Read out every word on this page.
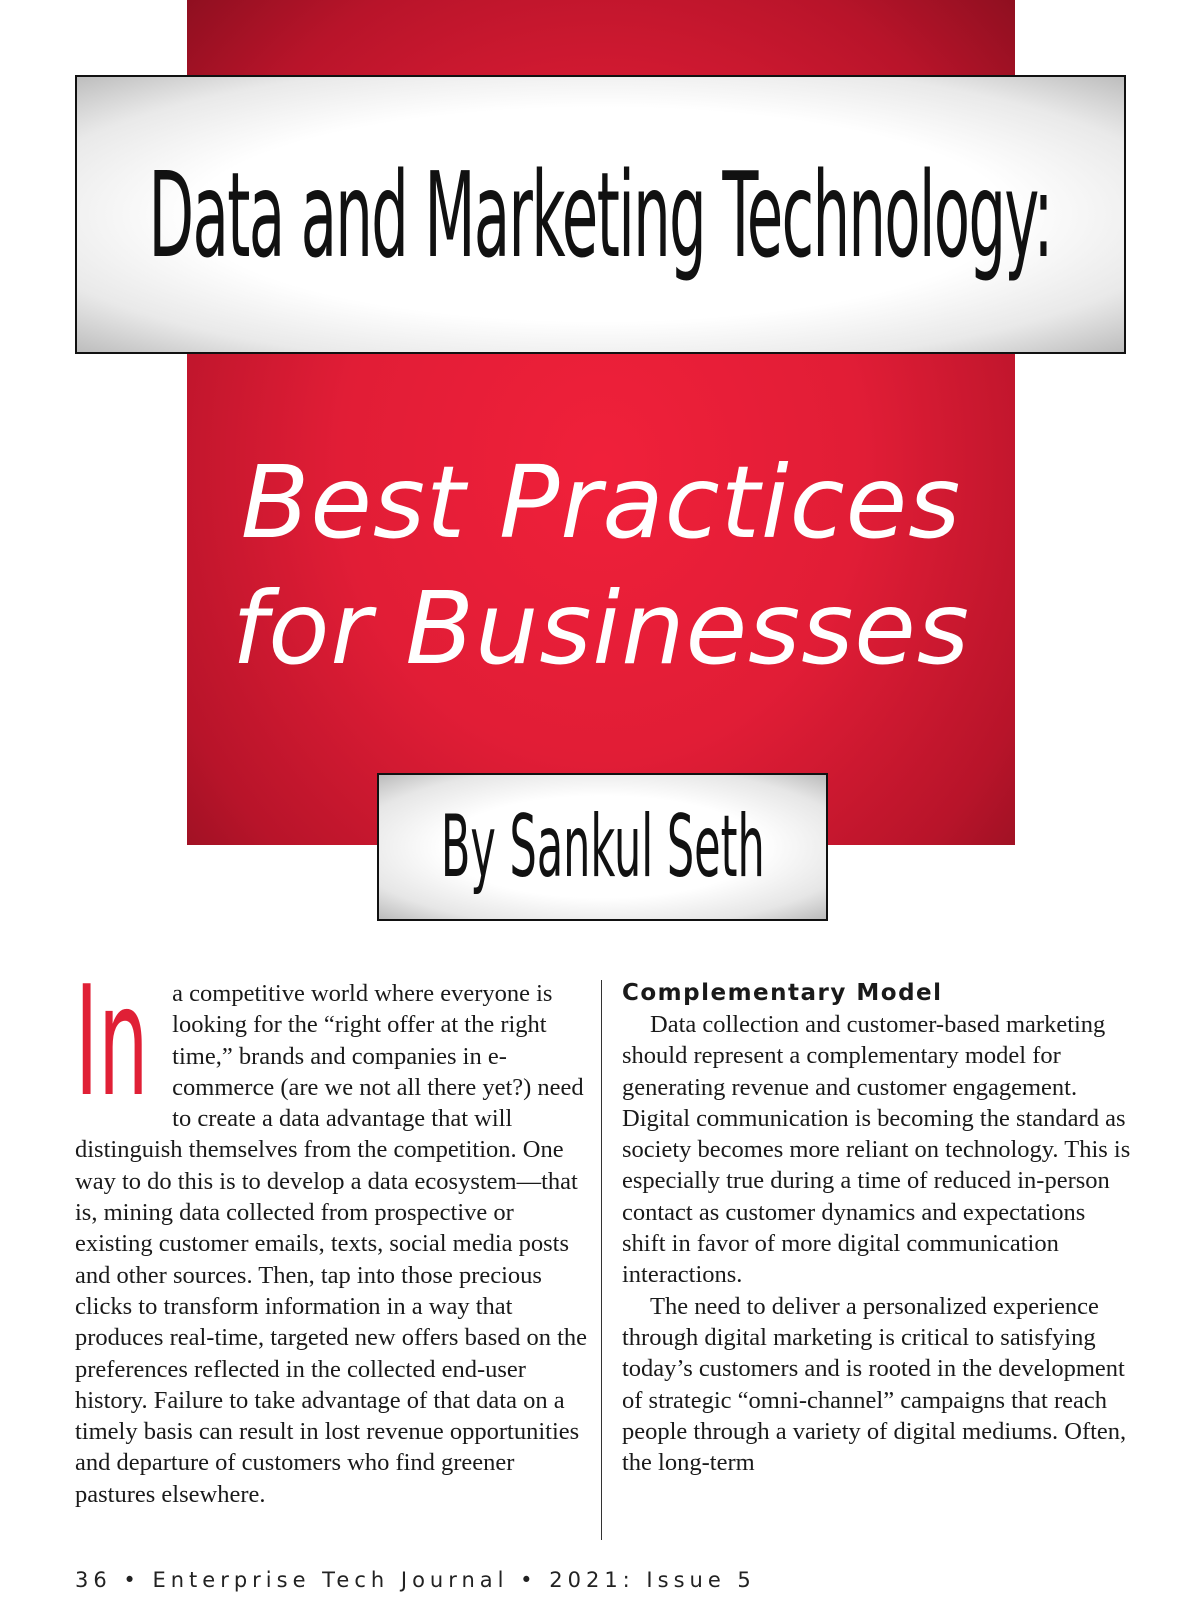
Data and Marketing Technology:
Best Practices
for Businesses
By Sankul Seth
In a competitive world where everyone is looking for the “right offer at the right time,” brands and companies in e-commerce (are we not all there yet?) need to create a data advantage that will distinguish themselves from the competition. One way to do this is to develop a data ecosystem—that is, mining data collected from prospective or existing customer emails, texts, social media posts and other sources. Then, tap into those precious clicks to transform information in a way that produces real-time, targeted new offers based on the preferences reflected in the collected end-user history. Failure to take advantage of that data on a timely basis can result in lost revenue opportunities and departure of customers who find greener pastures elsewhere.

Complementary Model

Data collection and customer-based marketing should represent a complementary model for generating revenue and customer engagement. Digital communication is becoming the standard as society becomes more reliant on technology. This is especially true during a time of reduced in-person contact as customer dynamics and expectations shift in favor of more digital communication interactions.

The need to deliver a personalized experience through digital marketing is critical to satisfying today’s customers and is rooted in the development of strategic “omni-channel” campaigns that reach people through a variety of digital mediums. Often, the long-term

36 • Enterprise Tech Journal • 2021: Issue 5
